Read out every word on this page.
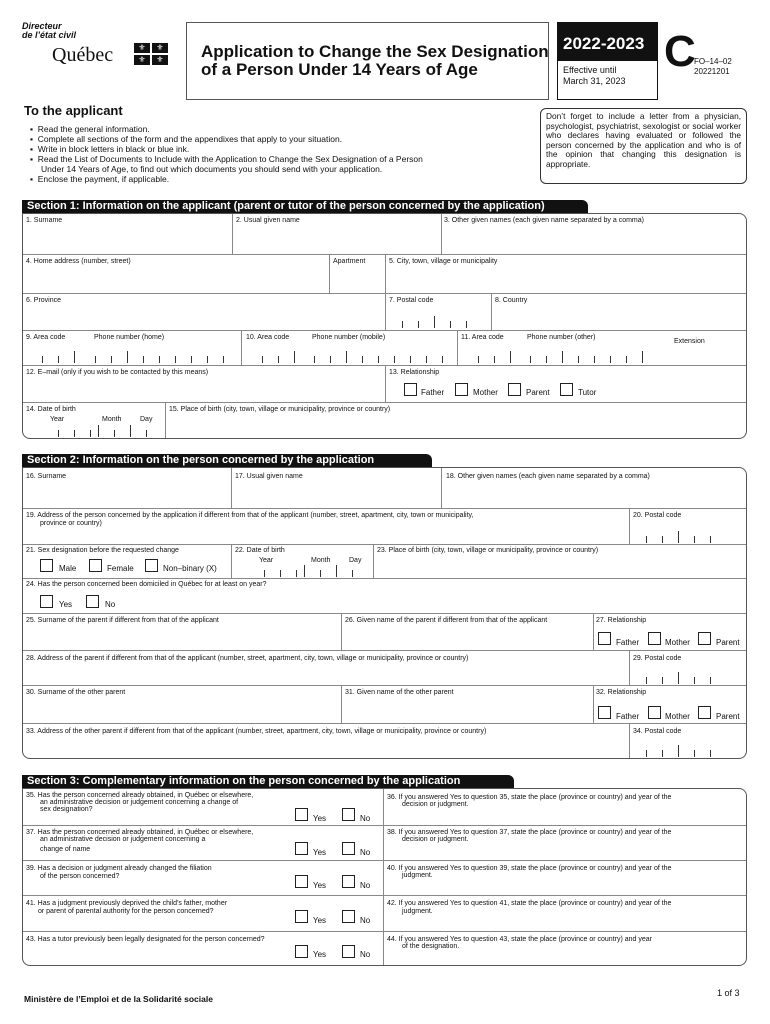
Directeur
de l’état civil
Québec	⚜	⚜
⚜	⚜ Application to Change the Sex Designation
of a Person Under 14 Years of Age
2022-2023
Effective until
March 31, 2023
C
FO–14–02
20221201
To the applicant
▪  Read the general information.
▪  Complete all sections of the form and the appendixes that apply to your situation.
▪  Write in block letters in black or blue ink.
▪  Read the List of Documents to Include with the Application to Change the Sex Designation of a Person
Under 14 Years of Age, to find out which documents you should send with your application.
▪  Enclose the payment, if applicable.
Don’t forget to include a letter from a physician, psychologist, psychiatrist, sexologist or social worker who declares having evaluated or followed the person concerned by the application and who is of the opinion that changing this designation is appropriate.
Section 1: Information on the applicant (parent or tutor of the person concerned by the application)
1. Surname	2. Usual given name	3. Other given names (each given name separated by a comma)
4. Home address (number, street)	Apartment	5. City, town, village or municipality
6. Province	7. Postal code	8. Country
9. Area code	Phone number (home)	10. Area code	Phone number (mobile)	11. Area code	Phone number (other)
Extension
12. E–mail (only if you wish to be contacted by this means)	13. Relationship
Father	Mother	Parent	Tutor
14. Date of birth
Year	Month	Day
15. Place of birth (city, town, village or municipality, province or country)
Section 2: Information on the person concerned by the application
16. Surname	17. Usual given name	18. Other given names (each given name separated by a comma)
19. Address of the person concerned by the application if different from that of the applicant (number, street, apartment, city, town or municipality,
province or country)
20. Postal code
21. Sex designation before the requested change
Male	Female	Non–binary (X)
22. Date of birth
Year	Month	Day
23. Place of birth (city, town, village or municipality, province or country)
24. Has the person concerned been domiciled in Québec for at least on year?
Yes	No
25. Surname of the parent if different from that of the applicant	26. Given name of the parent if different from that of the applicant	27. Relationship
Father	Mother	Parent
28. Address of the parent if different from that of the applicant (number, street, apartment, city, town, village or municipality, province or country)	29. Postal code
30. Surname of the other parent	31. Given name of the other parent	32. Relationship
Father	Mother	Parent
33. Address of the other parent if different from that of the applicant (number, street, apartment, city, town, village or municipality, province or country)	34. Postal code
Section 3: Complementary information on the person concerned by the application
35. Has the person concerned already obtained, in Québec or elsewhere,
an administrative decision or judgement concerning a change of
sex designation?
Yes	No
36. If you answered Yes to question 35, state the place (province or country) and year of the
decision or judgment.
37. Has the person concerned already obtained, in Québec or elsewhere,
an administrative decision or judgement concerning a
change of name	Yes	No
38. If you answered Yes to question 37, state the place (province or country) and year of the
decision or judgment.
39. Has a decision or judgment already changed the filiation
of the person concerned?
Yes	No
40. If you answered Yes to question 39, state the place (province or country) and year of the
judgment.
41. Has a judgment previously deprived the child’s father, mother
or parent of parental authority for the person concerned?
Yes	No
42. If you answered Yes to question 41, state the place (province or country) and year of the
judgment.
43. Has a tutor previously been legally designated for the person concerned?
Yes	No
44. If you answered Yes to question 43, state the place (province or country) and year
of the designation.
Ministère de l’Emploi et de la Solidarité sociale
1 of 3
